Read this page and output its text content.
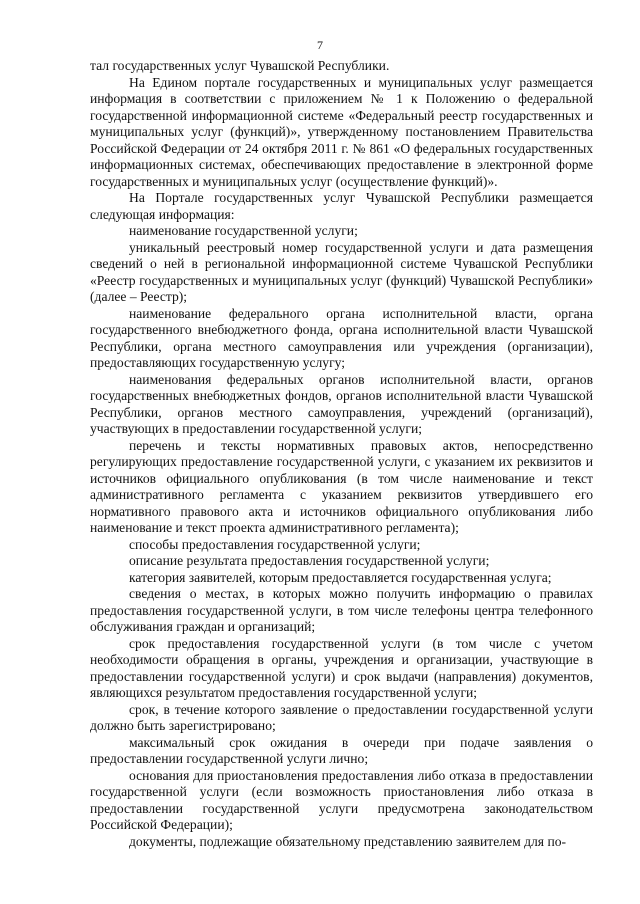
7

тал государственных услуг Чувашской Республики.

На Едином портале государственных и муниципальных услуг размещается информация в соответствии с приложением № 1 к Положению о федеральной государственной информационной системе «Федеральный реестр государственных и муниципальных услуг (функций)», утвержденному постановлением Правительства Российской Федерации от 24 октября 2011 г. № 861 «О федеральных государственных информационных системах, обеспечивающих предоставление в электронной форме государственных и муниципальных услуг (осуществление функций)».

На Портале государственных услуг Чувашской Республики размещается следующая информация:

наименование государственной услуги;

уникальный реестровый номер государственной услуги и дата размещения сведений о ней в региональной информационной системе Чувашской Республики «Реестр государственных и муниципальных услуг (функций) Чувашской Республики» (далее – Реестр);

наименование федерального органа исполнительной власти, органа государственного внебюджетного фонда, органа исполнительной власти Чувашской Республики, органа местного самоуправления или учреждения (организации), предоставляющих государственную услугу;

наименования федеральных органов исполнительной власти, органов государственных внебюджетных фондов, органов исполнительной власти Чувашской Республики, органов местного самоуправления, учреждений (организаций), участвующих в предоставлении государственной услуги;

перечень и тексты нормативных правовых актов, непосредственно регулирующих предоставление государственной услуги, с указанием их реквизитов и источников официального опубликования (в том числе наименование и текст административного регламента с указанием реквизитов утвердившего его нормативного правового акта и источников официального опубликования либо наименование и текст проекта административного регламента);

способы предоставления государственной услуги;

описание результата предоставления государственной услуги;

категория заявителей, которым предоставляется государственная услуга;

сведения о местах, в которых можно получить информацию о правилах предоставления государственной услуги, в том числе телефоны центра телефонного обслуживания граждан и организаций;

срок предоставления государственной услуги (в том числе с учетом необходимости обращения в органы, учреждения и организации, участвующие в предоставлении государственной услуги) и срок выдачи (направления) документов, являющихся результатом предоставления государственной услуги;

срок, в течение которого заявление о предоставлении государственной услуги должно быть зарегистрировано;

максимальный срок ожидания в очереди при подаче заявления о предоставлении государственной услуги лично;

основания для приостановления предоставления либо отказа в предоставлении государственной услуги (если возможность приостановления либо отказа в предоставлении государственной услуги предусмотрена законодательством Российской Федерации);

документы, подлежащие обязательному представлению заявителем для по-
